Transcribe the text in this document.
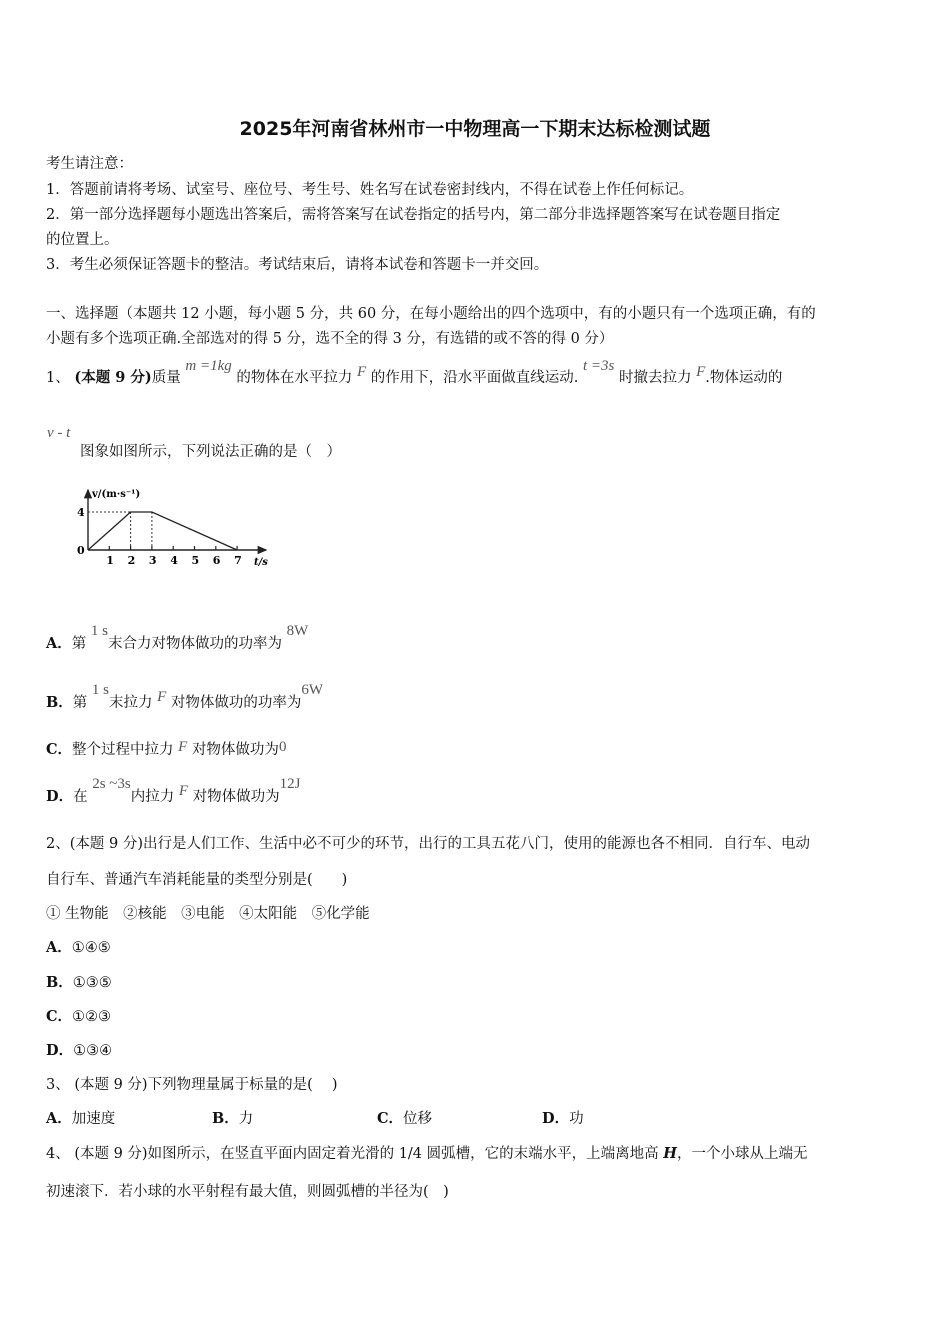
2025年河南省林州市一中物理高一下期末达标检测试题
考生请注意：
1．答题前请将考场、试室号、座位号、考生号、姓名写在试卷密封线内，不得在试卷上作任何标记。
2．第一部分选择题每小题选出答案后，需将答案写在试卷指定的括号内，第二部分非选择题答案写在试卷题目指定
的位置上。
3．考生必须保证答题卡的整洁。考试结束后，请将本试卷和答题卡一并交回。
一、选择题（本题共 12 小题，每小题 5 分，共 60 分，在每小题给出的四个选项中，有的小题只有一个选项正确，有的
小题有多个选项正确.全部选对的得 5 分，选不全的得 3 分，有选错的或不答的得 0 分）
1、 (本题 9 分)质量 m =1kg 的物体在水平拉力 F 的作用下，沿水平面做直线运动. t =3s 时撤去拉力 F.物体运动的
v - t
图象如图所示，下列说法正确的是（　）
1 2 3 4 5 6 7
v/(m·s⁻¹)
t/s
4
0
A．第 1 s末合力对物体做功的功率为 8W
B．第 1 s末拉力 F 对物体做功的功率为6W
C．整个过程中拉力 F 对物体做功为0
D．在 2s ~3s内拉力 F 对物体做功为12J
2、(本题 9 分)出行是人们工作、生活中必不可少的环节，出行的工具五花八门，使用的能源也各不相同．自行车、电动
自行车、普通汽车消耗能量的类型分别是(　　)
① 生物能　②核能　③电能　④太阳能　⑤化学能
A．①④⑤
B．①③⑤
C．①②③
D．①③④
3、 (本题 9 分)下列物理量属于标量的是(　 )
A．加速度	B．力	C．位移	D．功
4、 (本题 9 分)如图所示，在竖直平面内固定着光滑的 1/4 圆弧槽，它的末端水平，上端离地高 H，一个小球从上端无
初速滚下．若小球的水平射程有最大值，则圆弧槽的半径为(　)
